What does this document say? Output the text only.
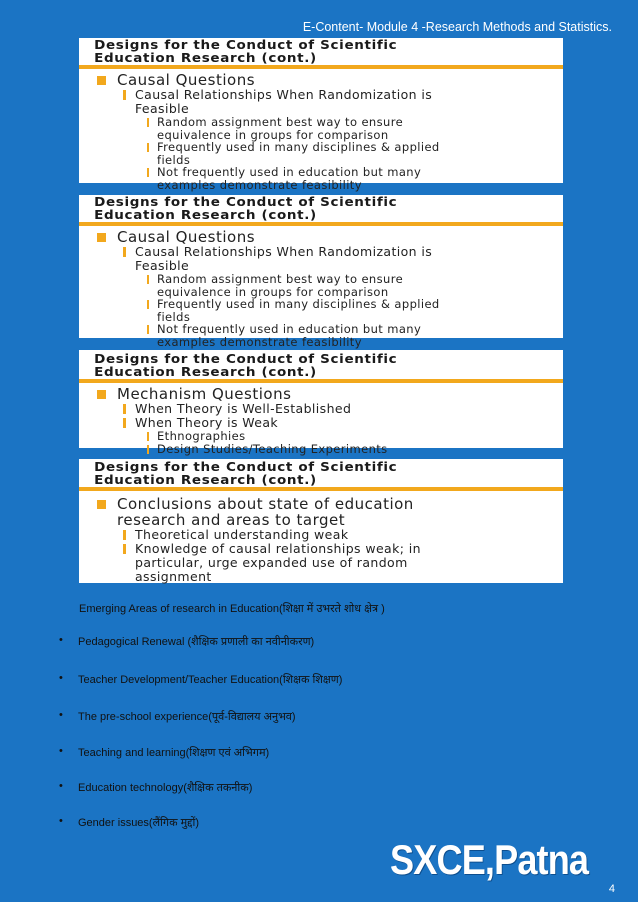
E-Content- Module 4 -Research Methods and Statistics.
Designs for the Conduct of Scientific
Education Research (cont.)
Causal Questions
Causal Relationships When Randomization is
Feasible
Random assignment best way to ensure
equivalence in groups for comparison
Frequently used in many disciplines & applied
fields
Not frequently used in education but many
examples demonstrate feasibility
Designs for the Conduct of Scientific
Education Research (cont.)
Causal Questions
Causal Relationships When Randomization is
Feasible
Random assignment best way to ensure
equivalence in groups for comparison
Frequently used in many disciplines & applied
fields
Not frequently used in education but many
examples demonstrate feasibility
Designs for the Conduct of Scientific
Education Research (cont.)
Mechanism Questions
When Theory is Well-Established
When Theory is Weak
Ethnographies
Design Studies/Teaching Experiments
Designs for the Conduct of Scientific
Education Research (cont.)
Conclusions about state of education
research and areas to target
Theoretical understanding weak
Knowledge of causal relationships weak; in
particular, urge expanded use of random
assignment
Emerging Areas of research in Education(शिक्षा में उभरते शोध क्षेत्र )
• Pedagogical Renewal (शैक्षिक प्रणाली का नवीनीकरण)
• Teacher Development/Teacher Education(शिक्षक शिक्षण)
• The pre-school experience(पूर्व-विद्यालय अनुभव)
• Teaching and learning(शिक्षण एवं अभिगम)
• Education technology(शैक्षिक तकनीक)
• Gender issues(लैंगिक मुद्दों)
SXCE,Patna
4
